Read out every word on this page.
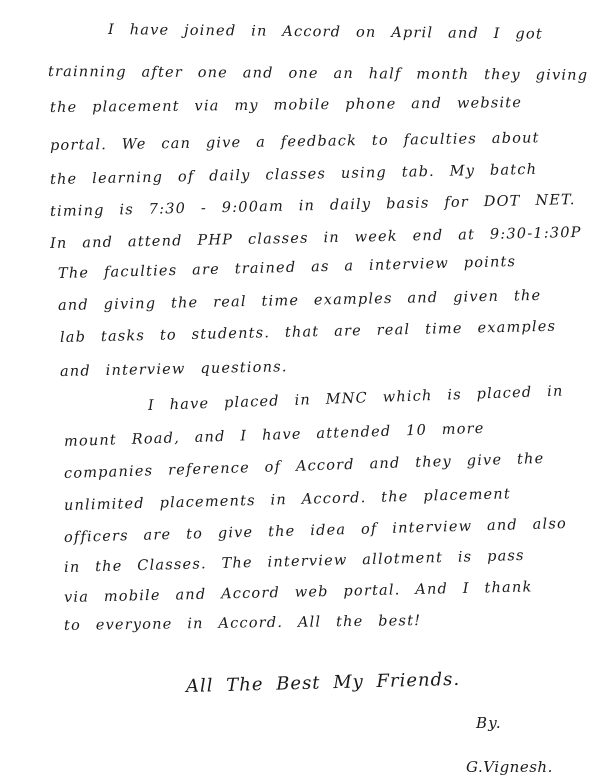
I have joined in Accord on April and I got
trainning after one and one an half month they giving
the placement via my mobile phone and website
portal. We can give a feedback to faculties about
the learning of daily classes using tab. My batch
timing is 7:30 - 9:00am in daily basis for DOT NET.
In and attend PHP classes in week end at 9:30-1:30P
The faculties are trained as a interview points
and giving the real time examples and given the
lab tasks to students. that are real time examples
and interview questions.
I have placed in MNC which is placed in
mount Road, and I have attended 10 more
companies reference of Accord and they give the
unlimited placements in Accord. the placement
officers are to give the idea of interview and also
in the Classes. The interview allotment is pass
via mobile and Accord web portal. And I thank
to everyone in Accord. All the best!
All The Best My Friends.
By.
G.Vignesh.
